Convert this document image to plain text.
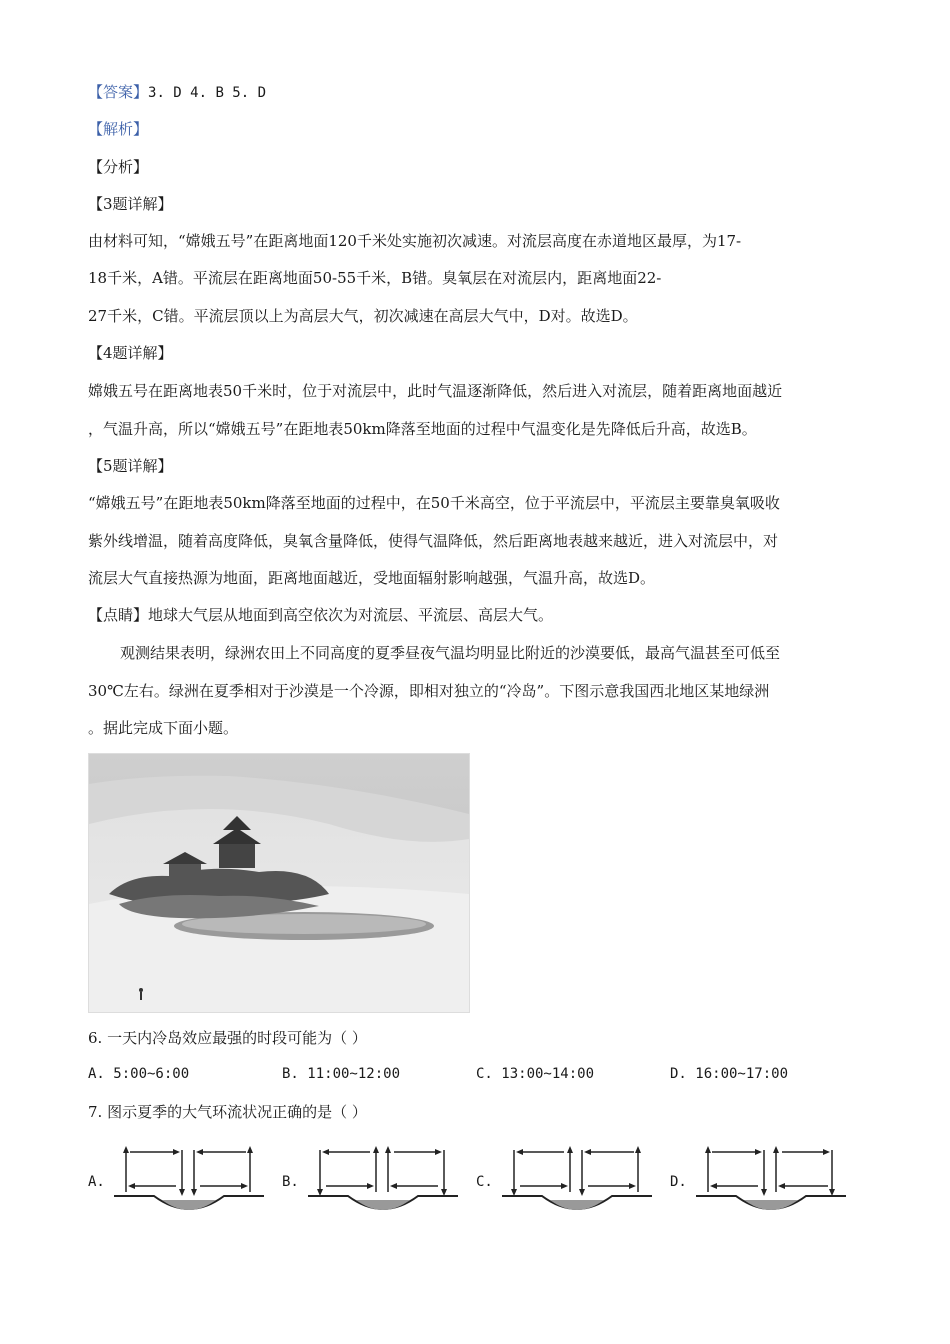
【答案】3. D 4. B 5. D
【解析】
【分析】
【3题详解】
由材料可知，“嫦娥五号”在距离地面120千米处实施初次减速。对流层高度在赤道地区最厚，为17-
18千米，A错。平流层在距离地面50-55千米，B错。臭氧层在对流层内，距离地面22-
27千米，C错。平流层顶以上为高层大气，初次减速在高层大气中，D对。故选D。
【4题详解】
嫦娥五号在距离地表50千米时，位于对流层中，此时气温逐渐降低，然后进入对流层，随着距离地面越近
，气温升高，所以“嫦娥五号”在距地表50km降落至地面的过程中气温变化是先降低后升高，故选B。
【5题详解】
“嫦娥五号”在距地表50km降落至地面的过程中，在50千米高空，位于平流层中，平流层主要靠臭氧吸收
紫外线增温，随着高度降低，臭氧含量降低，使得气温降低，然后距离地表越来越近，进入对流层中，对
流层大气直接热源为地面，距离地面越近，受地面辐射影响越强，气温升高，故选D。
【点睛】地球大气层从地面到高空依次为对流层、平流层、高层大气。
观测结果表明，绿洲农田上不同高度的夏季昼夜气温均明显比附近的沙漠要低，最高气温甚至可低至
30℃左右。绿洲在夏季相对于沙漠是一个冷源，即相对独立的“冷岛”。下图示意我国西北地区某地绿洲
。据此完成下面小题。
6. 一天内冷岛效应最强的时段可能为（ ）
A. 5:00~6:00	B. 11:00~12:00	C. 13:00~14:00	D. 16:00~17:00
7. 图示夏季的大气环流状况正确的是（ ）
A.	B.	C.	D.
